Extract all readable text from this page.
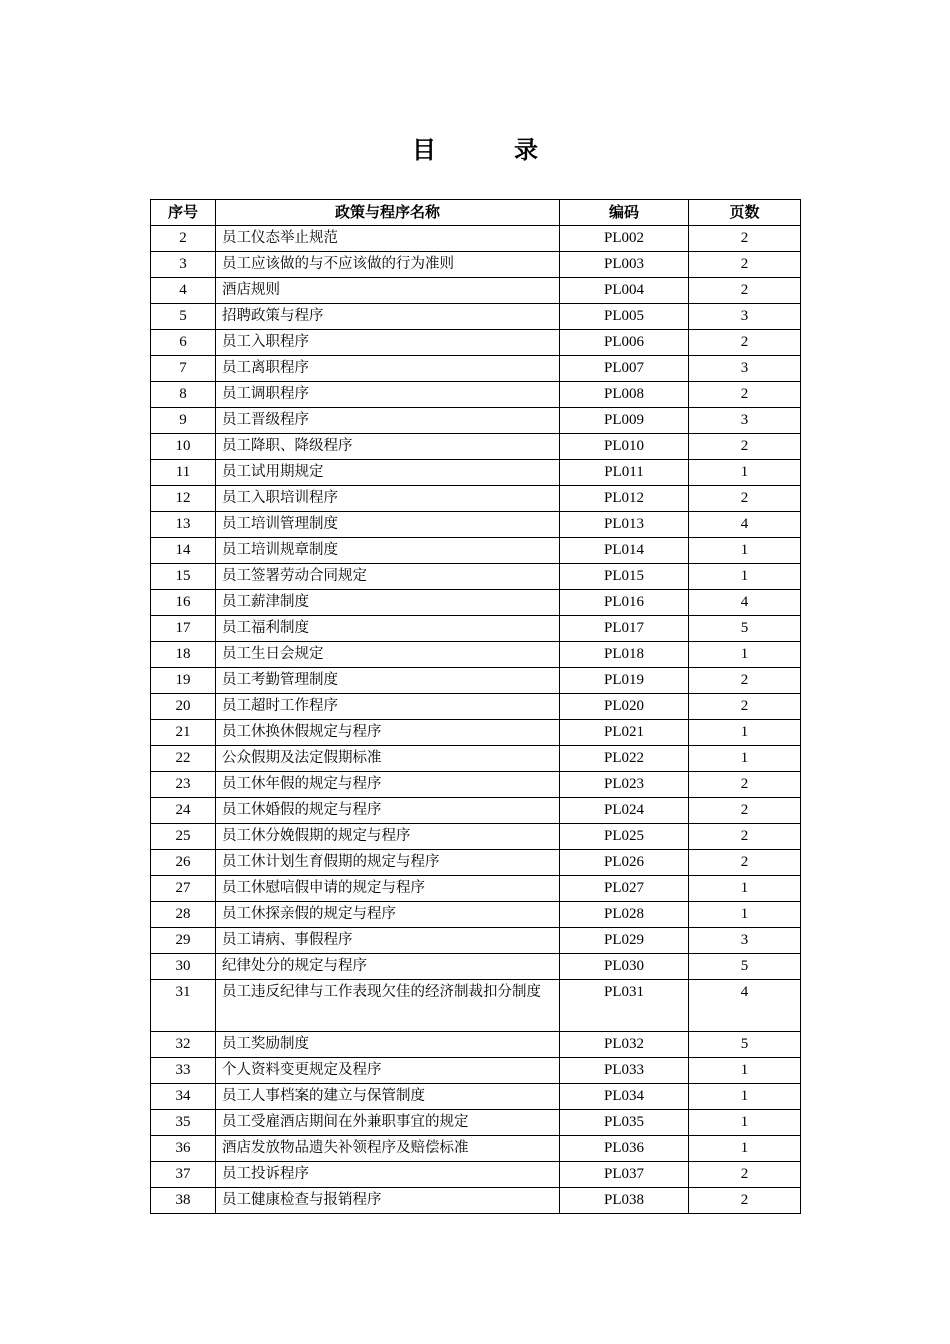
目录
序号	政策与程序名称	编码	页数
2	员工仪态举止规范	PL002	2
3	员工应该做的与不应该做的行为准则	PL003	2
4	酒店规则	PL004	2
5	招聘政策与程序	PL005	3
6	员工入职程序	PL006	2
7	员工离职程序	PL007	3
8	员工调职程序	PL008	2
9	员工晋级程序	PL009	3
10	员工降职、降级程序	PL010	2
11	员工试用期规定	PL011	1
12	员工入职培训程序	PL012	2
13	员工培训管理制度	PL013	4
14	员工培训规章制度	PL014	1
15	员工签署劳动合同规定	PL015	1
16	员工薪津制度	PL016	4
17	员工福利制度	PL017	5
18	员工生日会规定	PL018	1
19	员工考勤管理制度	PL019	2
20	员工超时工作程序	PL020	2
21	员工休换休假规定与程序	PL021	1
22	公众假期及法定假期标准	PL022	1
23	员工休年假的规定与程序	PL023	2
24	员工休婚假的规定与程序	PL024	2
25	员工休分娩假期的规定与程序	PL025	2
26	员工休计划生育假期的规定与程序	PL026	2
27	员工休慰唁假申请的规定与程序	PL027	1
28	员工休探亲假的规定与程序	PL028	1
29	员工请病、事假程序	PL029	3
30	纪律处分的规定与程序	PL030	5
31	员工违反纪律与工作表现欠佳的经济制裁扣分制度	PL031	4
32	员工奖励制度	PL032	5
33	个人资料变更规定及程序	PL033	1
34	员工人事档案的建立与保管制度	PL034	1
35	员工受雇酒店期间在外兼职事宜的规定	PL035	1
36	酒店发放物品遗失补领程序及赔偿标准	PL036	1
37	员工投诉程序	PL037	2
38	员工健康检查与报销程序	PL038	2
